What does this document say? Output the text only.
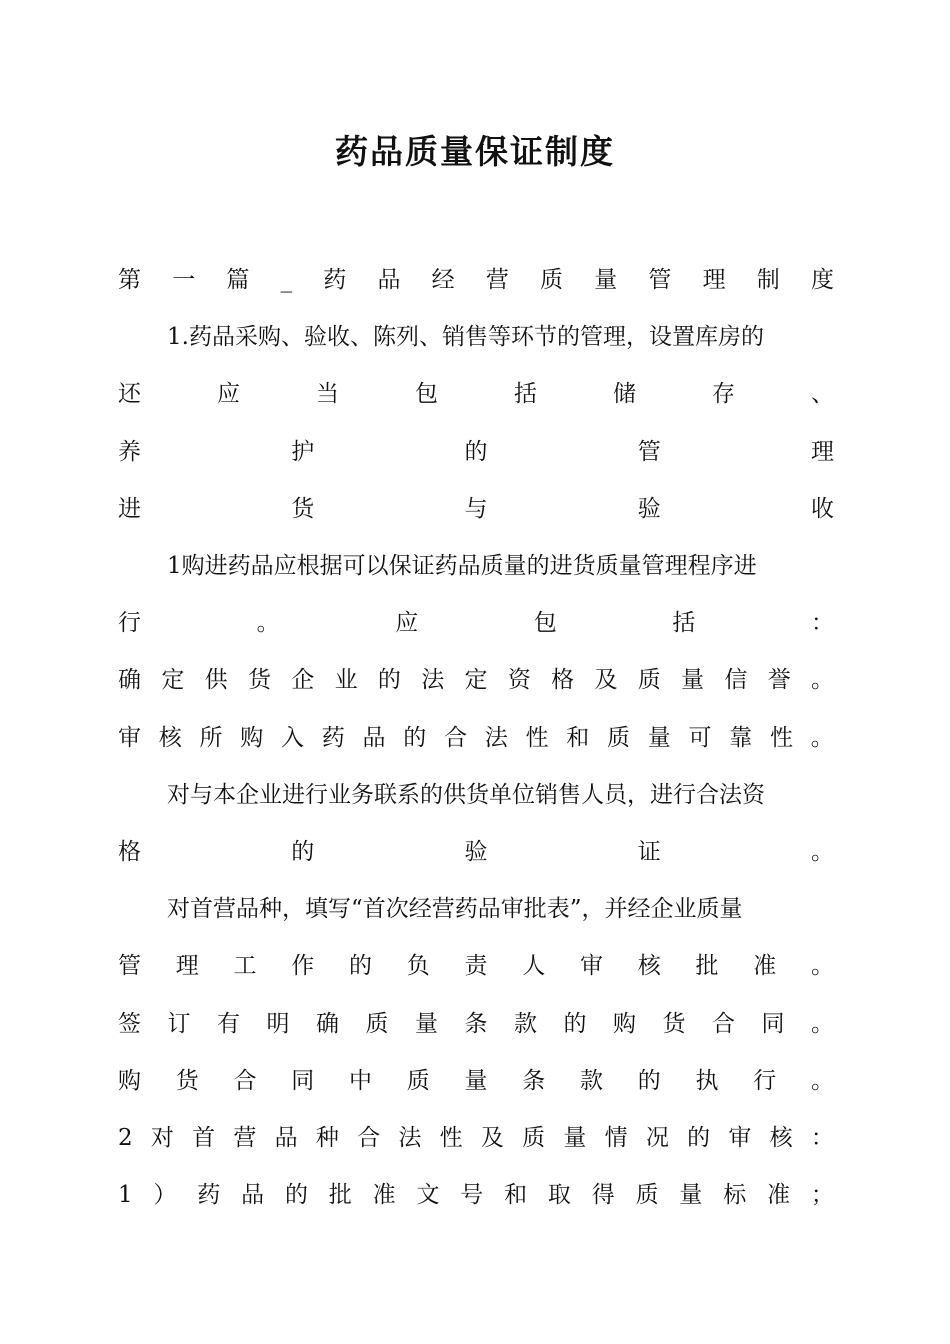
药品质量保证制度
第 一 篇 _ 药 品 经 营 质 量 管 理 制 度
1.药品采购、验收、陈列、销售等环节的管理，设置库房的
还	应	当	包	括	储	存	、
养	护	的	管	理
进	货	与	验	收
1购进药品应根据可以保证药品质量的进货质量管理程序进
行	。	应	包	括	：
确 定 供 货 企 业 的 法 定 资 格 及 质 量 信 誉 。
审 核 所 购 入 药 品 的 合 法 性 和 质 量 可 靠 性 。
对与本企业进行业务联系的供货单位销售人员，进行合法资
格	的	验	证	。
对首营品种，填写“首次经营药品审批表”，并经企业质量
管 理 工 作 的 负 责 人 审 核 批 准 。
签 订 有 明 确 质 量 条 款 的 购 货 合 同 。
购 货 合 同 中 质 量 条 款 的 执 行 。
2 对 首 营 品 种 合 法 性 及 质 量 情 况 的 审 核 ：
1 ） 药 品 的 批 准 文 号 和 取 得 质 量 标 准 ；
